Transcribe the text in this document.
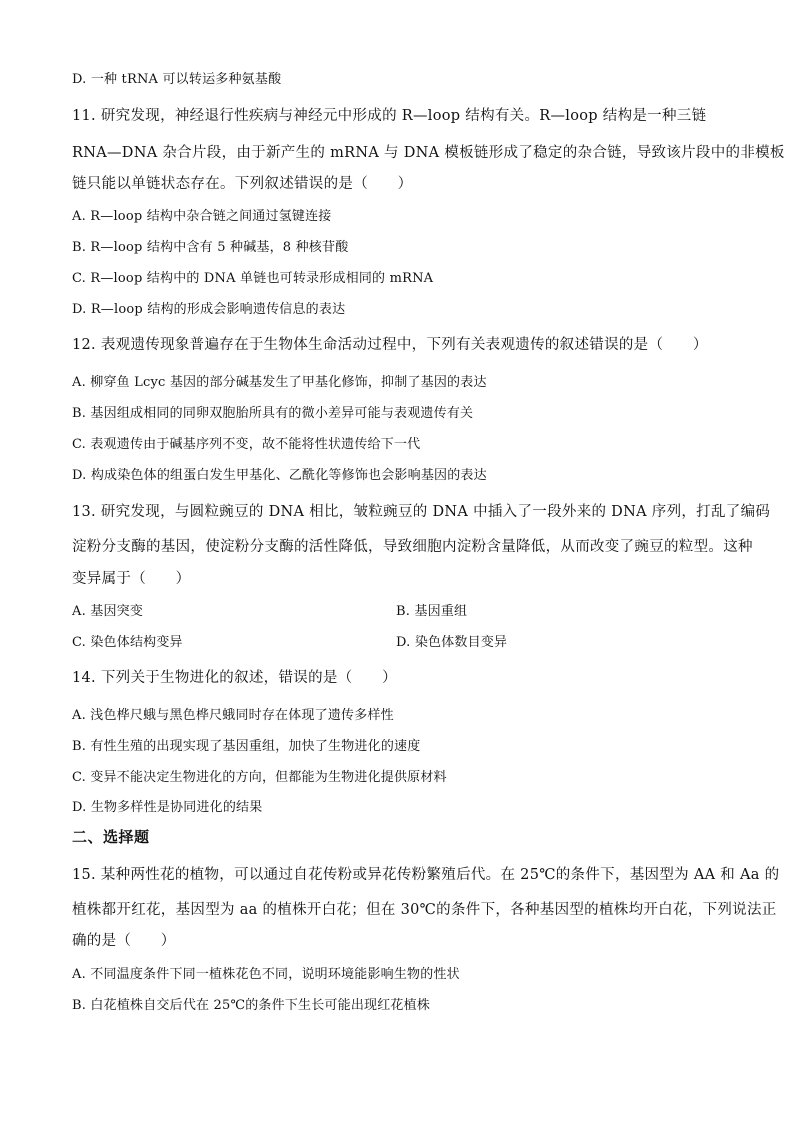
D. 一种 tRNA 可以转运多种氨基酸
11. 研究发现，神经退行性疾病与神经元中形成的 R—loop 结构有关。R—loop 结构是一种三链
RNA—DNA 杂合片段，由于新产生的 mRNA 与 DNA 模板链形成了稳定的杂合链，导致该片段中的非模板
链只能以单链状态存在。下列叙述错误的是（　　）
A. R—loop 结构中杂合链之间通过氢键连接
B. R—loop 结构中含有 5 种碱基，8 种核苷酸
C. R—loop 结构中的 DNA 单链也可转录形成相同的 mRNA
D. R—loop 结构的形成会影响遗传信息的表达
12. 表观遗传现象普遍存在于生物体生命活动过程中，下列有关表观遗传的叙述错误的是（　　）
A. 柳穿鱼 Lcyc 基因的部分碱基发生了甲基化修饰，抑制了基因的表达
B. 基因组成相同的同卵双胞胎所具有的微小差异可能与表观遗传有关
C. 表观遗传由于碱基序列不变，故不能将性状遗传给下一代
D. 构成染色体的组蛋白发生甲基化、乙酰化等修饰也会影响基因的表达
13. 研究发现，与圆粒豌豆的 DNA 相比，皱粒豌豆的 DNA 中插入了一段外来的 DNA 序列，打乱了编码
淀粉分支酶的基因，使淀粉分支酶的活性降低，导致细胞内淀粉含量降低，从而改变了豌豆的粒型。这种
变异属于（　　）
A. 基因突变	B. 基因重组
C. 染色体结构变异	D. 染色体数目变异
14. 下列关于生物进化的叙述，错误的是（　　）
A. 浅色桦尺蛾与黑色桦尺蛾同时存在体现了遗传多样性
B. 有性生殖的出现实现了基因重组，加快了生物进化的速度
C. 变异不能决定生物进化的方向，但都能为生物进化提供原材料
D. 生物多样性是协同进化的结果
二、选择题
15. 某种两性花的植物，可以通过自花传粉或异花传粉繁殖后代。在 25℃的条件下，基因型为 AA 和 Aa 的
植株都开红花，基因型为 aa 的植株开白花；但在 30℃的条件下，各种基因型的植株均开白花，下列说法正
确的是（　　）
A. 不同温度条件下同一植株花色不同，说明环境能影响生物的性状
B. 白花植株自交后代在 25℃的条件下生长可能出现红花植株
